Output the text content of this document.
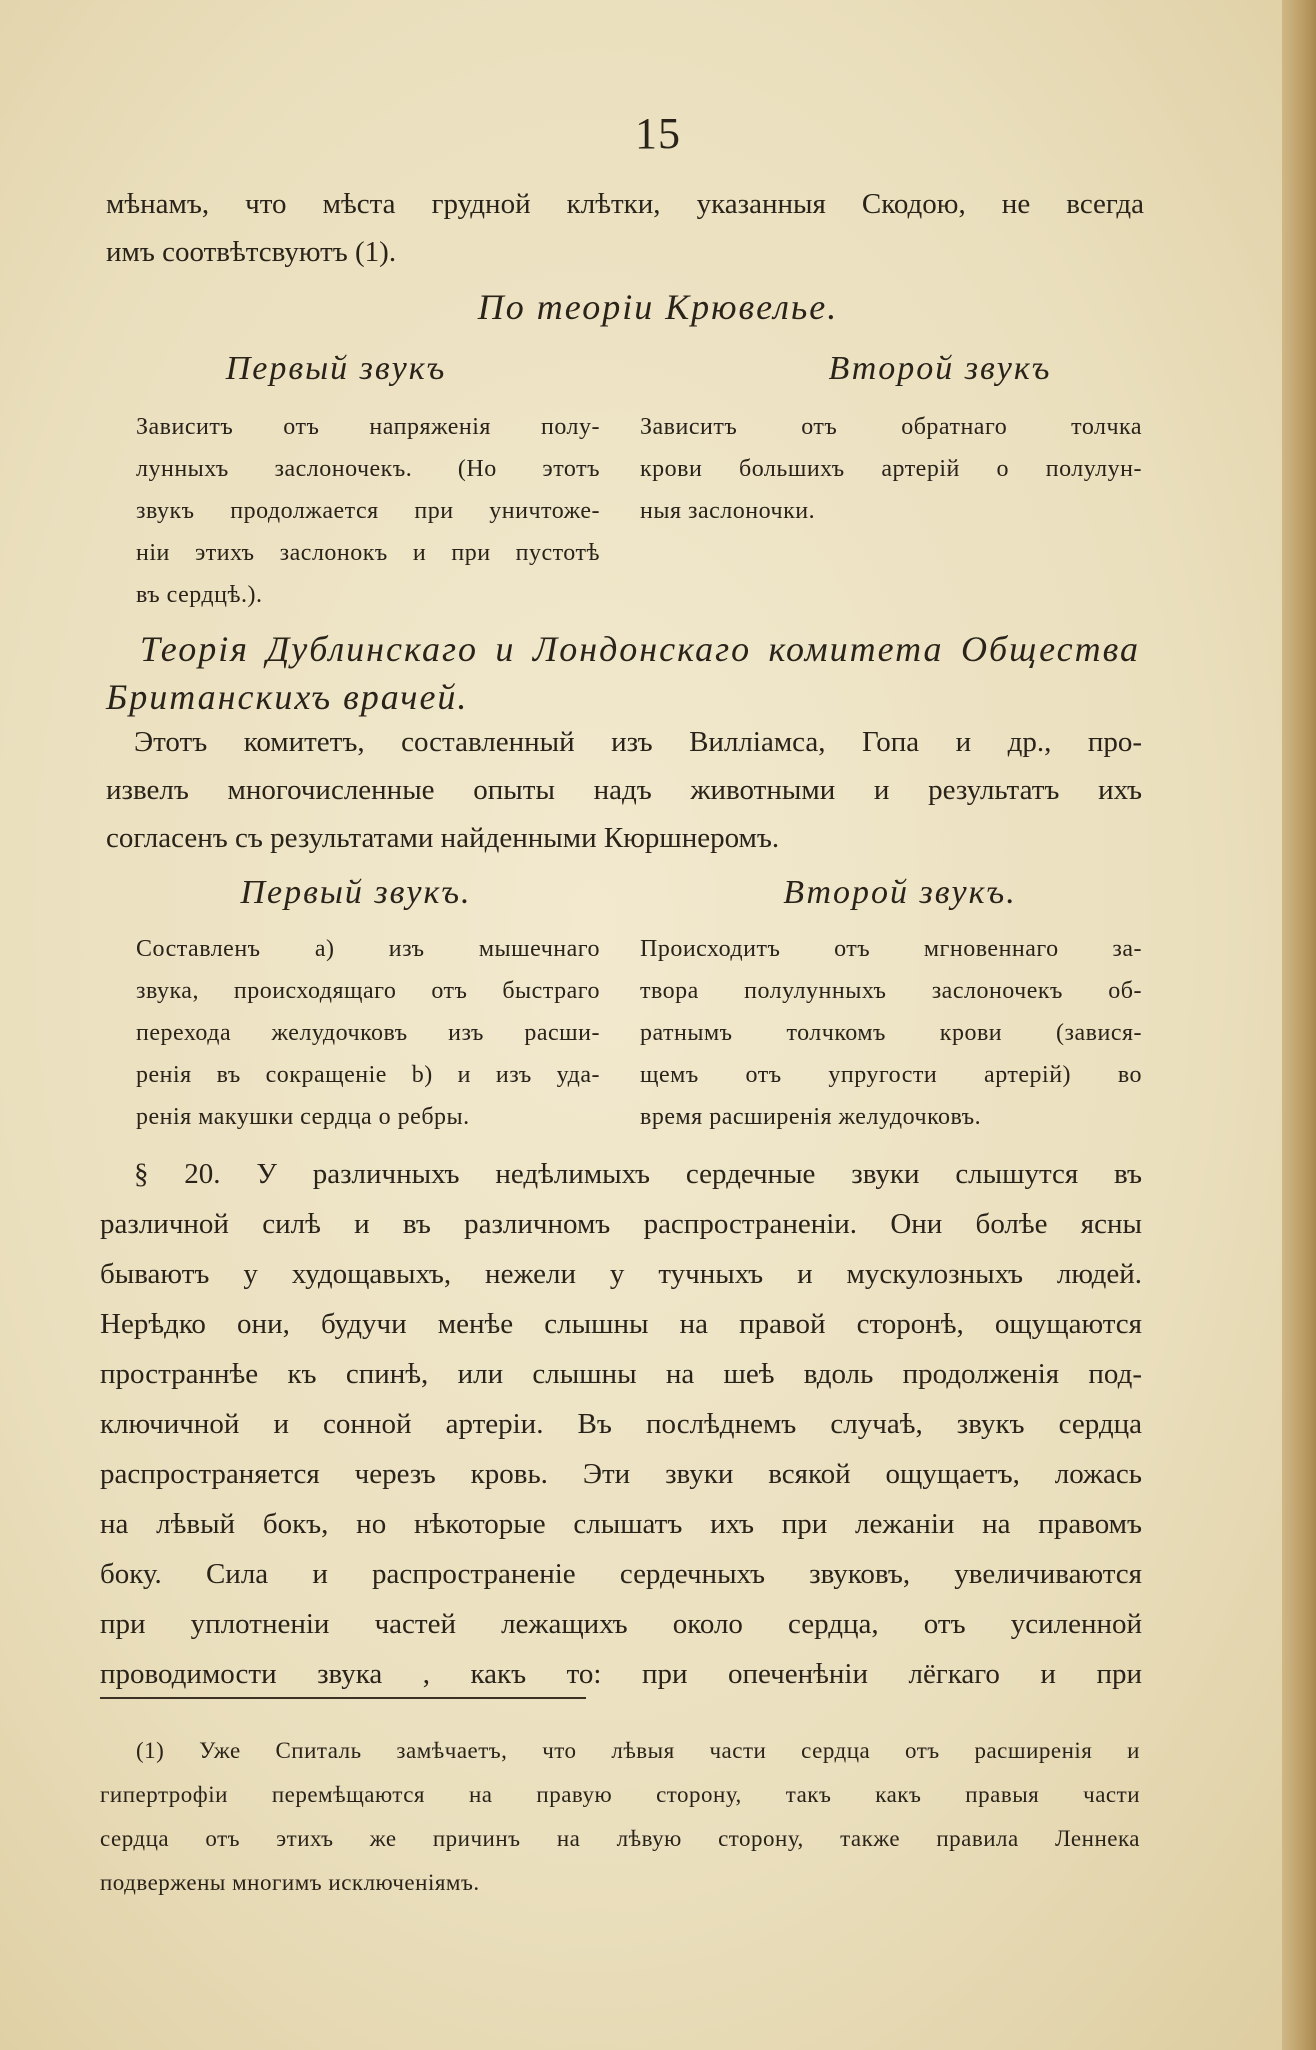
15
мѣнамъ, что мѣста грудной клѣтки, указанныя Скодою, не всегда
имъ соотвѣтсвуютъ (1).
По теоріи Крювелье.
Первый звукъ	Второй звукъ
Зависитъ отъ напряженія полу-
лунныхъ заслоночекъ. (Но этотъ
звукъ продолжается при уничтоже-
ніи этихъ заслонокъ и при пустотѣ
въ сердцѣ.).
Зависитъ отъ обратнаго толчка
крови большихъ артерій о полулун-
ныя заслоночки.
Теорія Дублинскаго и Лондонскаго комитета Общества
Британскихъ врачей.
Этотъ комитетъ, составленный изъ Вилліамса, Гопа и др., про-
извелъ многочисленные опыты надъ животными и результатъ ихъ
согласенъ съ результатами найденными Кюршнеромъ.
Первый звукъ.	Второй звукъ.
Составленъ а) изъ мышечнаго
звука, происходящаго отъ быстраго
перехода желудочковъ изъ расши-
ренія въ сокращеніе b) и изъ уда-
ренія макушки сердца о ребры.
Происходитъ отъ мгновеннаго за-
твора полулунныхъ заслоночекъ об-
ратнымъ толчкомъ крови (завися-
щемъ отъ упругости артерій) во
время расширенія желудочковъ.
§ 20. У различныхъ недѣлимыхъ сердечные звуки слышутся въ
различной силѣ и въ различномъ распространеніи. Они болѣе ясны
бываютъ у худощавыхъ, нежели у тучныхъ и мускулозныхъ людей.
Нерѣдко они, будучи менѣе слышны на правой сторонѣ, ощущаются
пространнѣе къ спинѣ, или слышны на шеѣ вдоль продолженія под-
ключичной и сонной артеріи. Въ послѣднемъ случаѣ, звукъ сердца
распространяется черезъ кровь. Эти звуки всякой ощущаетъ, ложась
на лѣвый бокъ, но нѣкоторые слышатъ ихъ при лежаніи на правомъ
боку. Сила и распространеніе сердечныхъ звуковъ, увеличиваются
при уплотненіи частей лежащихъ около сердца, отъ усиленной
проводимости звука , какъ то: при опеченѣніи лёгкаго и при
(1) Уже Спиталь замѣчаетъ, что лѣвыя части сердца отъ расширенія и
гипертрофіи перемѣщаются на правую сторону, такъ какъ правыя части
сердца отъ этихъ же причинъ на лѣвую сторону, также правила Леннека
подвержены многимъ исключеніямъ.
